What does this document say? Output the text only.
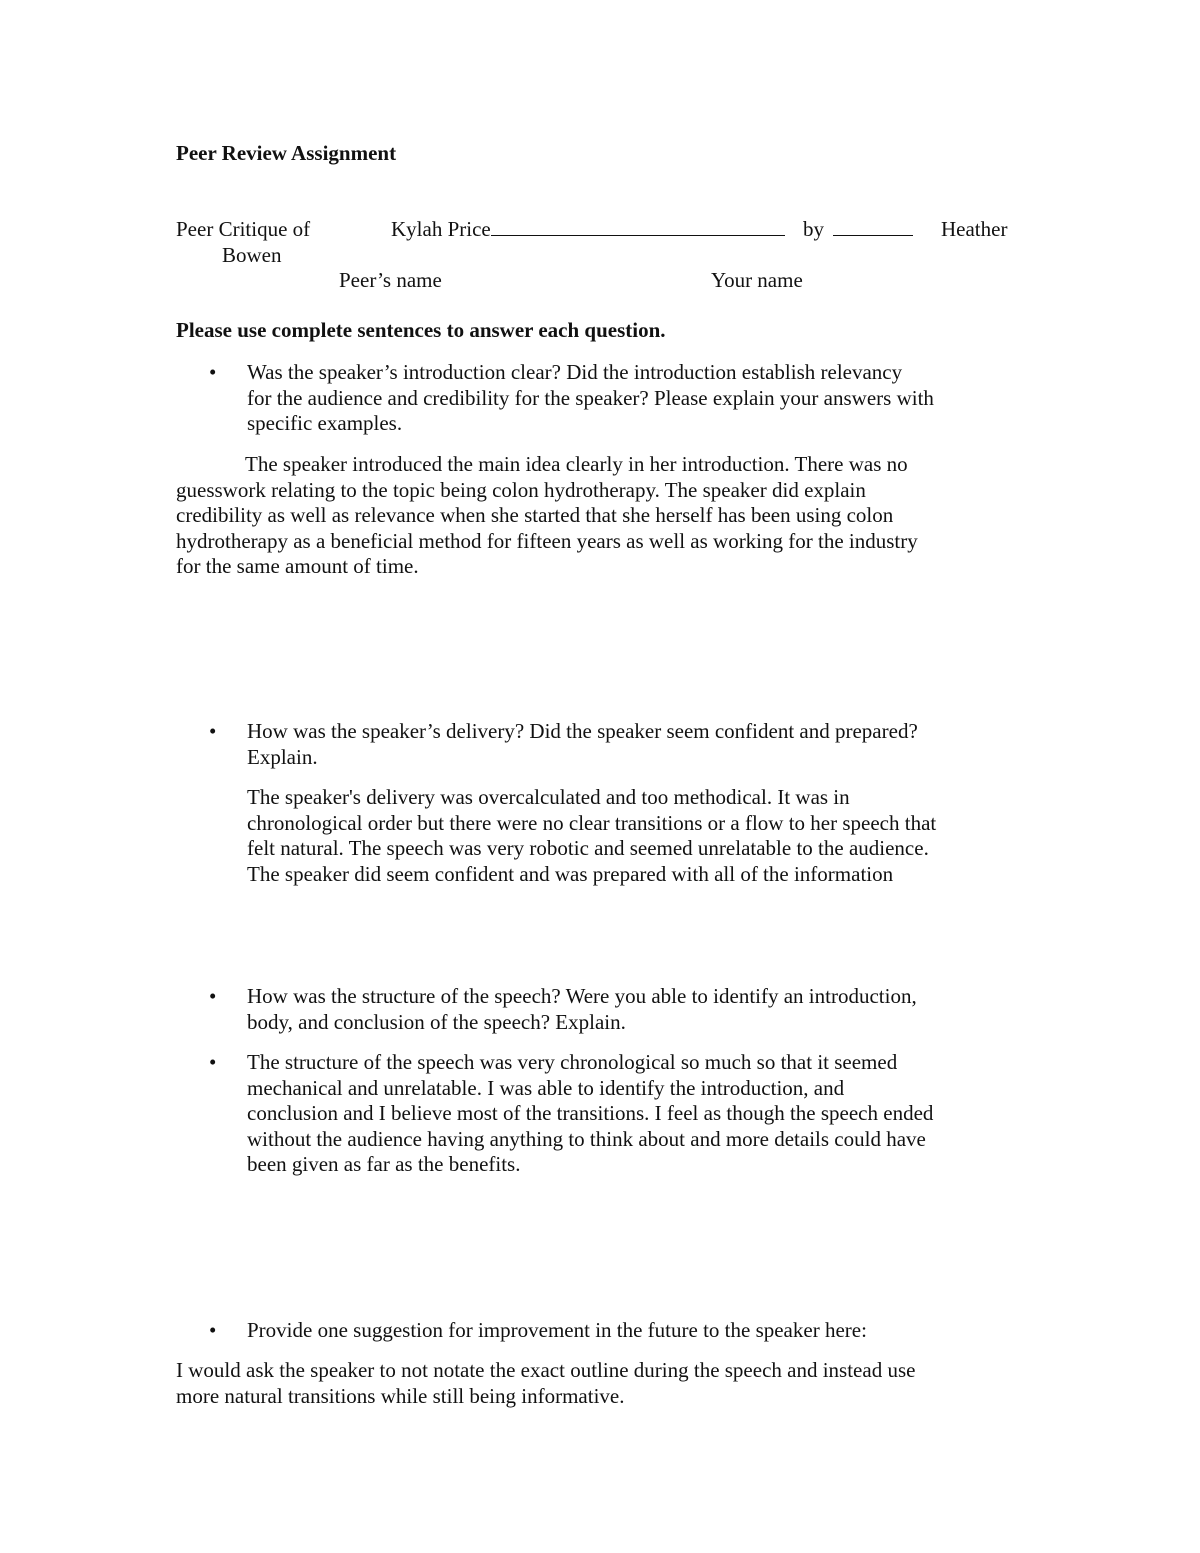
Peer Review Assignment
Peer Critique of	Kylah Price	by	Heather
Bowen
Peer’s name	Your name
Please use complete sentences to answer each question.
• Was the speaker’s introduction clear? Did the introduction establish relevancy
for the audience and credibility for the speaker? Please explain your answers with
specific examples.
The speaker introduced the main idea clearly in her introduction. There was no
guesswork relating to the topic being colon hydrotherapy. The speaker did explain
credibility as well as relevance when she started that she herself has been using colon
hydrotherapy as a beneficial method for fifteen years as well as working for the industry
for the same amount of time.
• How was the speaker’s delivery? Did the speaker seem confident and prepared?
Explain.
The speaker's delivery was overcalculated and too methodical. It was in
chronological order but there were no clear transitions or a flow to her speech that
felt natural. The speech was very robotic and seemed unrelatable to the audience.
The speaker did seem confident and was prepared with all of the information
• How was the structure of the speech? Were you able to identify an introduction,
body, and conclusion of the speech? Explain.
• The structure of the speech was very chronological so much so that it seemed
mechanical and unrelatable. I was able to identify the introduction, and
conclusion and I believe most of the transitions. I feel as though the speech ended
without the audience having anything to think about and more details could have
been given as far as the benefits.
• Provide one suggestion for improvement in the future to the speaker here:
I would ask the speaker to not notate the exact outline during the speech and instead use
more natural transitions while still being informative.
